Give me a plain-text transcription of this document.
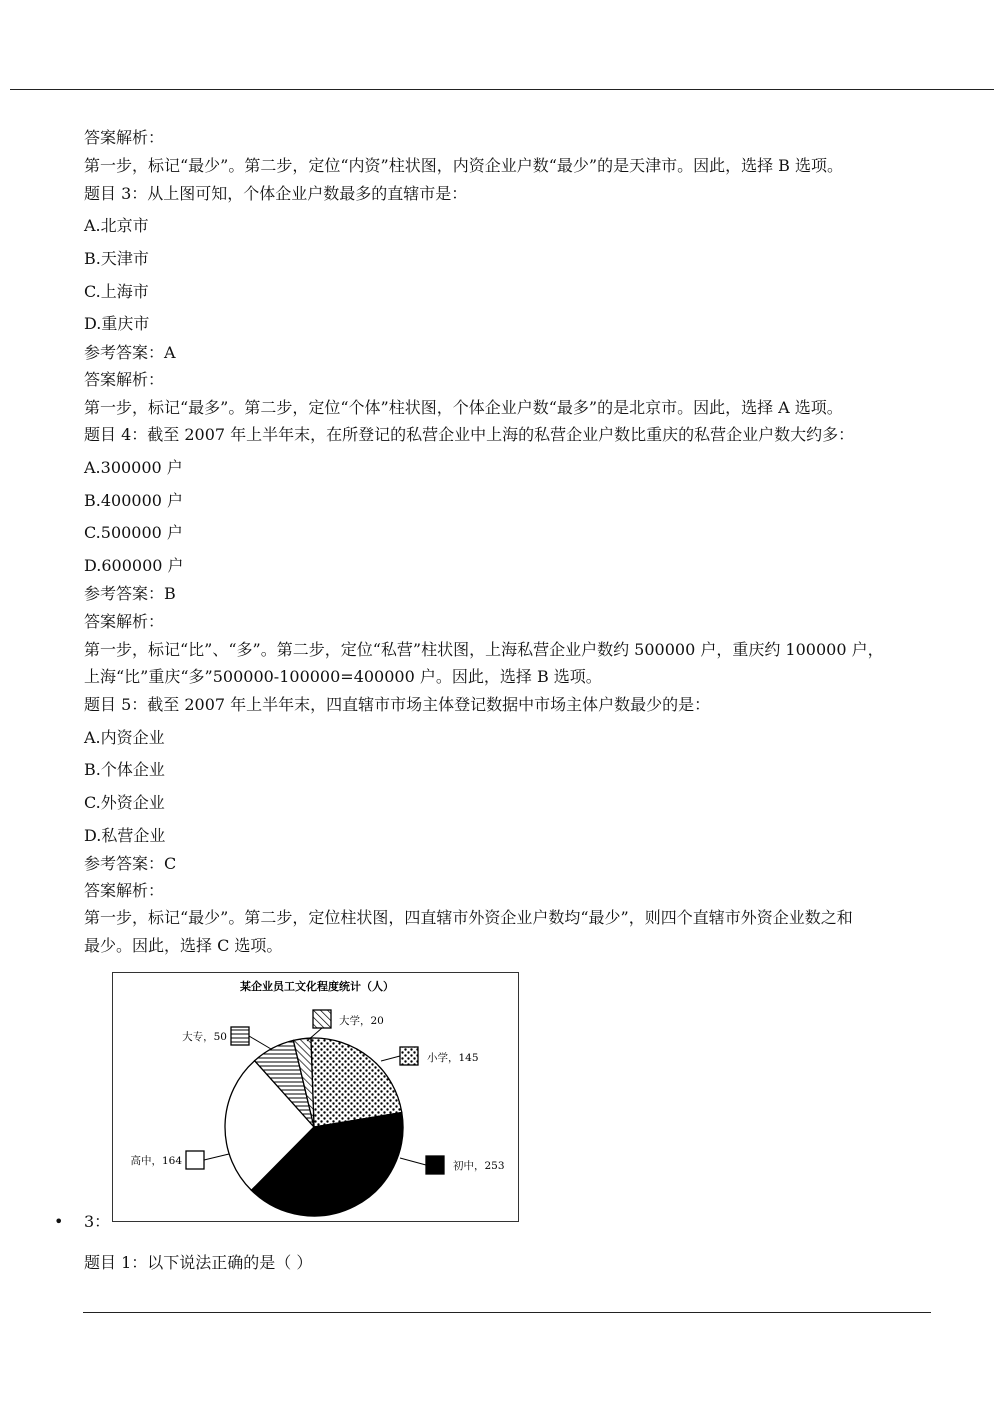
答案解析：
第一步，标记“最少”。第二步，定位“内资”柱状图，内资企业户数“最少”的是天津市。因此，选择 B 选项。
题目 3：从上图可知，个体企业户数最多的直辖市是：
A.北京市
B.天津市
C.上海市
D.重庆市
参考答案：A
答案解析：
第一步，标记“最多”。第二步，定位“个体”柱状图，个体企业户数“最多”的是北京市。因此，选择 A 选项。
题目 4：截至 2007 年上半年末，在所登记的私营企业中上海的私营企业户数比重庆的私营企业户数大约多：
A.300000 户
B.400000 户
C.500000 户
D.600000 户
参考答案：B
答案解析：
第一步，标记“比”、“多”。第二步，定位“私营”柱状图，上海私营企业户数约 500000 户，重庆约 100000 户，
上海“比”重庆“多”500000-100000=400000 户。因此，选择 B 选项。
题目 5：截至 2007 年上半年末，四直辖市市场主体登记数据中市场主体户数最少的是：
A.内资企业
B.个体企业
C.外资企业
D.私营企业
参考答案：C
答案解析：
第一步，标记“最少”。第二步，定位柱状图，四直辖市外资企业户数均“最少”，则四个直辖市外资企业数之和
最少。因此，选择 C 选项。
某企业员工文化程度统计（人）
小学，145
初中，253
高中，164
大专，50
大学，20
• 3：
题目 1：以下说法正确的是（ ）
